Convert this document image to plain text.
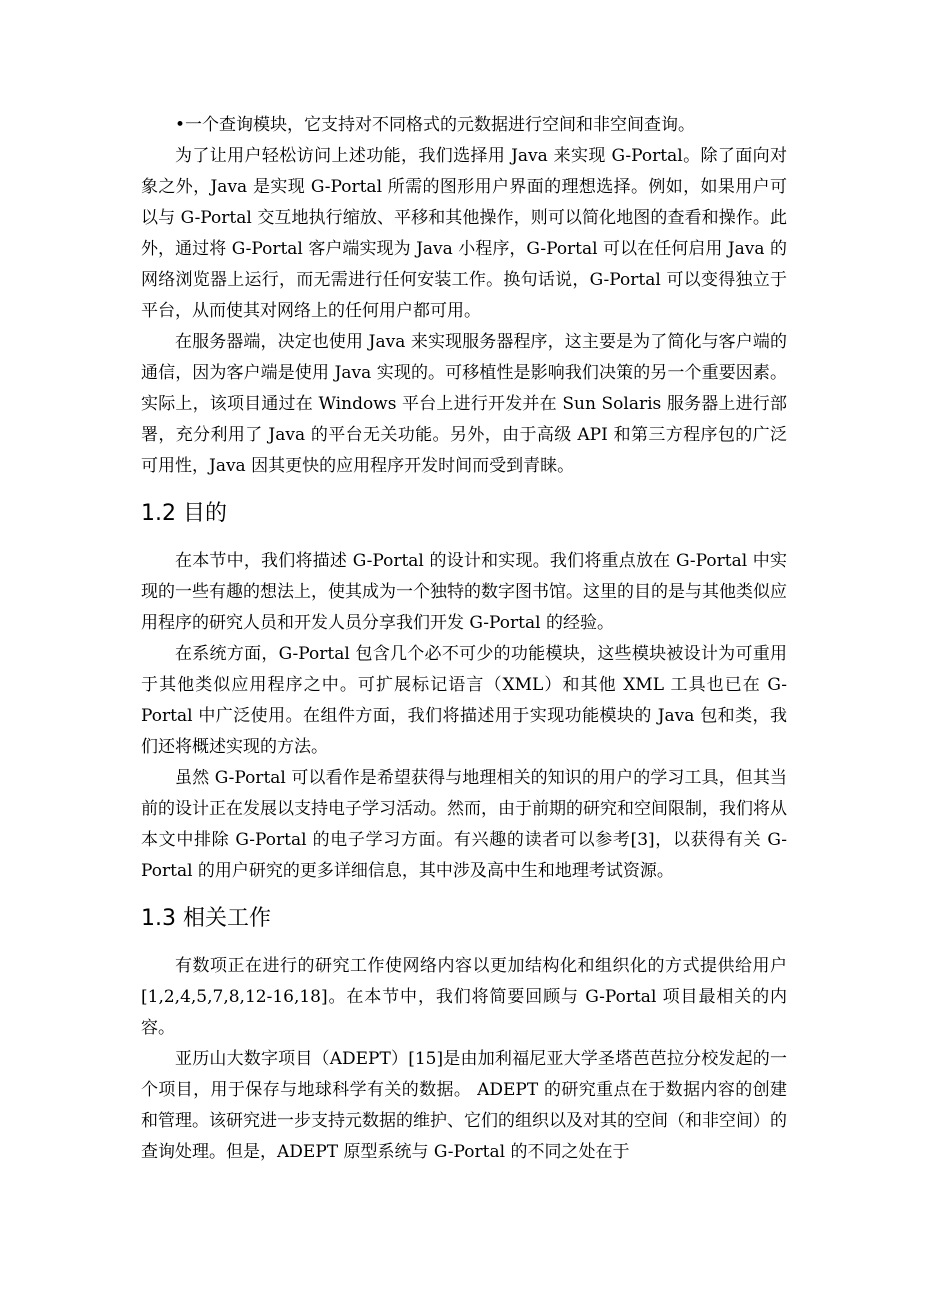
•一个查询模块，它支持对不同格式的元数据进行空间和非空间查询。

为了让用户轻松访问上述功能，我们选择用 Java 来实现 G-Portal。除了面向对象之外，Java 是实现 G-Portal 所需的图形用户界面的理想选择。例如，如果用户可以与 G-Portal 交互地执行缩放、平移和其他操作，则可以简化地图的查看和操作。此外，通过将 G-Portal 客户端实现为 Java 小程序，G-Portal 可以在任何启用 Java 的网络浏览器上运行，而无需进行任何安装工作。换句话说，G-Portal 可以变得独立于平台，从而使其对网络上的任何用户都可用。

在服务器端，决定也使用 Java 来实现服务器程序，这主要是为了简化与客户端的通信，因为客户端是使用 Java 实现的。可移植性是影响我们决策的另一个重要因素。实际上，该项目通过在 Windows 平台上进行开发并在 Sun Solaris 服务器上进行部署，充分利用了 Java 的平台无关功能。另外，由于高级 API 和第三方程序包的广泛可用性，Java 因其更快的应用程序开发时间而受到青睐。

1.2 目的

在本节中，我们将描述 G-Portal 的设计和实现。我们将重点放在 G-Portal 中实现的一些有趣的想法上，使其成为一个独特的数字图书馆。这里的目的是与其他类似应用程序的研究人员和开发人员分享我们开发 G-Portal 的经验。

在系统方面，G-Portal 包含几个必不可少的功能模块，这些模块被设计为可重用于其他类似应用程序之中。可扩展标记语言（XML）和其他 XML 工具也已在 G-Portal 中广泛使用。在组件方面，我们将描述用于实现功能模块的 Java 包和类，我们还将概述实现的方法。

虽然 G-Portal 可以看作是希望获得与地理相关的知识的用户的学习工具，但其当前的设计正在发展以支持电子学习活动。然而，由于前期的研究和空间限制，我们将从本文中排除 G-Portal 的电子学习方面。有兴趣的读者可以参考[3]，以获得有关 G-Portal 的用户研究的更多详细信息，其中涉及高中生和地理考试资源。

1.3 相关工作

有数项正在进行的研究工作使网络内容以更加结构化和组织化的方式提供给用户[1,2,4,5,7,8,12-16,18]。在本节中，我们将简要回顾与 G-Portal 项目最相关的内容。

亚历山大数字项目（ADEPT）[15]是由加利福尼亚大学圣塔芭芭拉分校发起的一个项目，用于保存与地球科学有关的数据。 ADEPT 的研究重点在于数据内容的创建和管理。该研究进一步支持元数据的维护、它们的组织以及对其的空间（和非空间）的查询处理。但是，ADEPT 原型系统与 G-Portal 的不同之处在于
